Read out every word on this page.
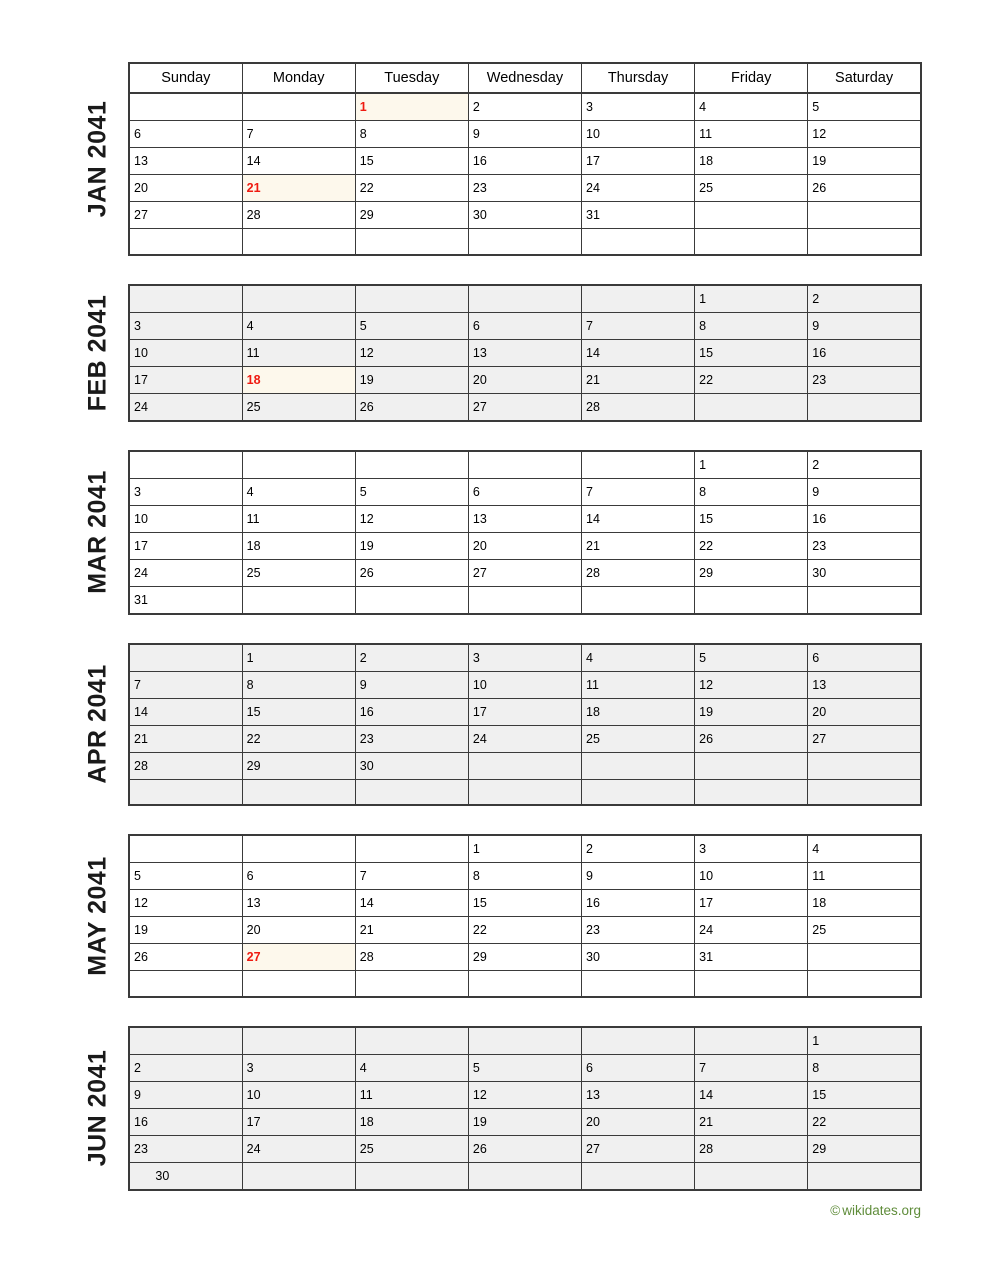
JAN 2041
Sunday	Monday	Tuesday	Wednesday	Thursday	Friday	Saturday

		1	2	3	4	5

6	7	8	9	10	11	12

13	14	15	16	17	18	19

20	21	22	23	24	25	26

27	28	29	30	31		

FEB 2041

					1	2

3	4	5	6	7	8	9

10	11	12	13	14	15	16

17	18	19	20	21	22	23

24	25	26	27	28		

MAR 2041

					1	2

3	4	5	6	7	8	9

10	11	12	13	14	15	16

17	18	19	20	21	22	23

24	25	26	27	28	29	30

31						

APR 2041

	1	2	3	4	5	6

7	8	9	10	11	12	13

14	15	16	17	18	19	20

21	22	23	24	25	26	27

28	29	30				

MAY 2041

			1	2	3	4

5	6	7	8	9	10	11

12	13	14	15	16	17	18

19	20	21	22	23	24	25

26	27	28	29	30	31	

JUN 2041

						1

2	3	4	5	6	7	8

9	10	11	12	13	14	15

16	17	18	19	20	21	22

23	24	25	26	27	28	29

30						

© wikidates.org
